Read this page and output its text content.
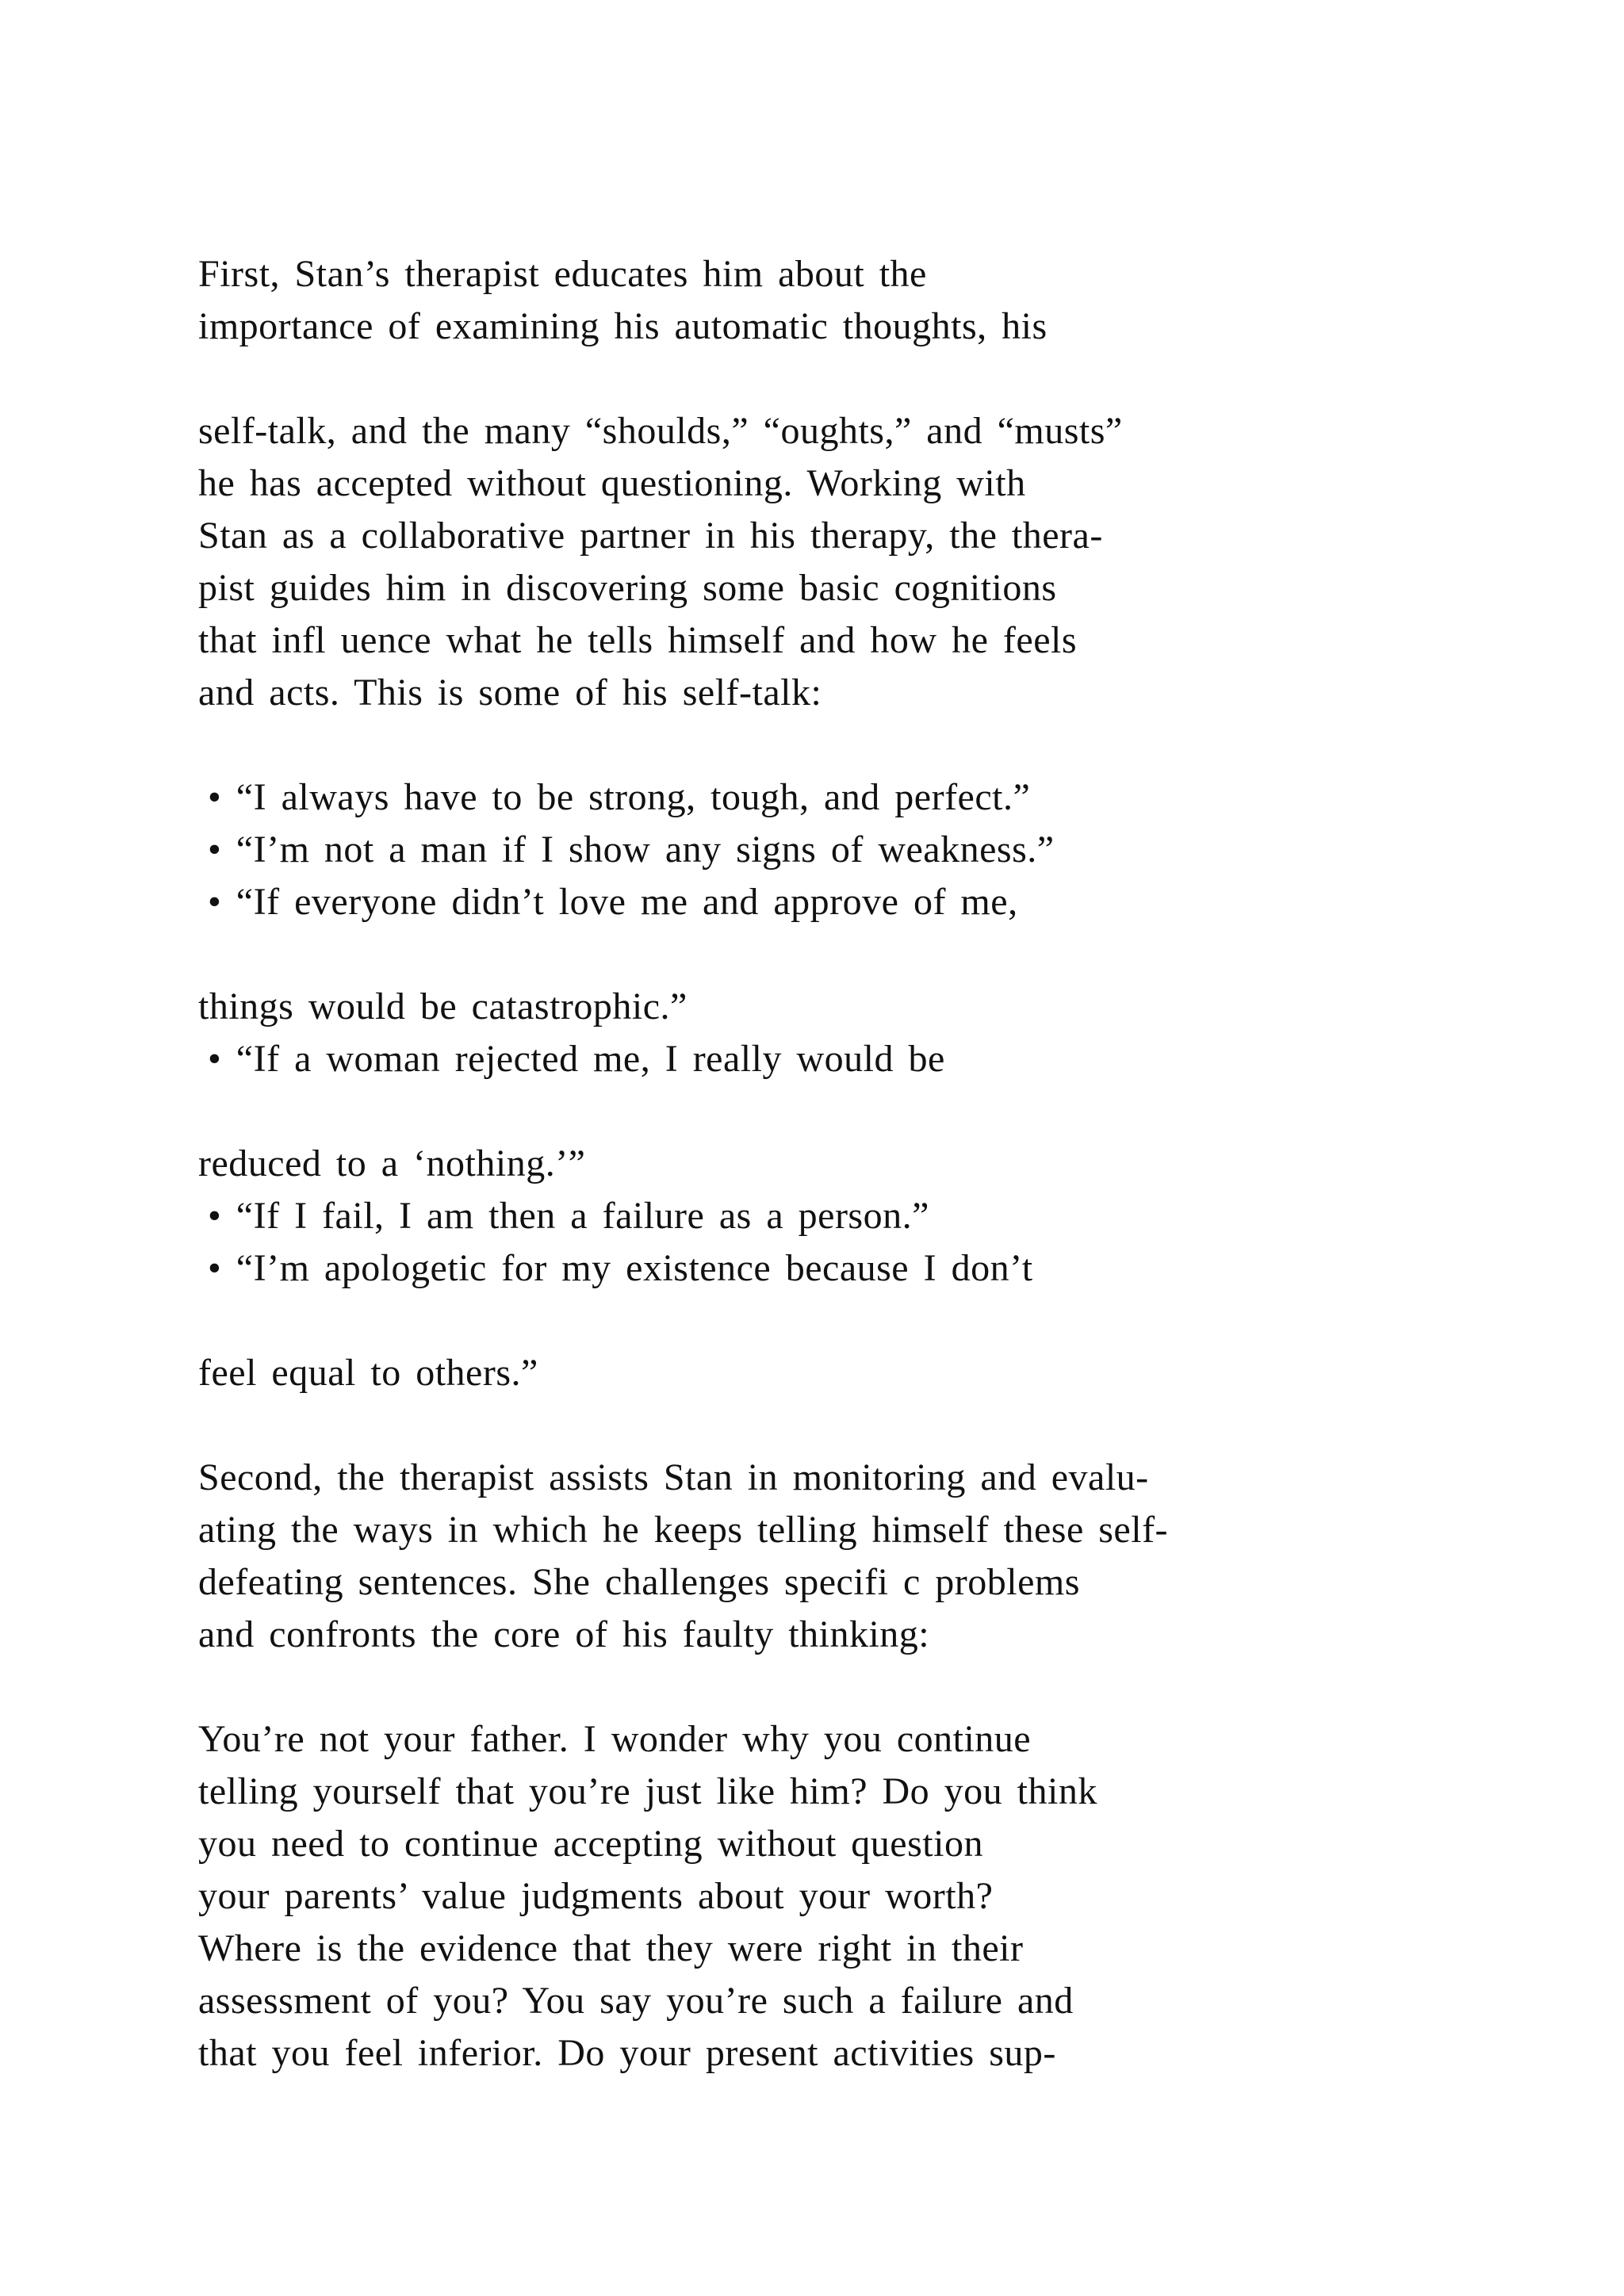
First, Stan’s therapist educates him about the

importance of examining his automatic thoughts, his

self-talk, and the many “shoulds,” “oughts,” and “musts”

he has accepted without questioning. Working with

Stan as a collaborative partner in his therapy, the thera-

pist guides him in discovering some basic cognitions

that infl uence what he tells himself and how he feels

and acts. This is some of his self-talk:

• “I always have to be strong, tough, and perfect.”

• “I’m not a man if I show any signs of weakness.”

• “If everyone didn’t love me and approve of me,

things would be catastrophic.”

• “If a woman rejected me, I really would be

reduced to a ‘nothing.’”

• “If I fail, I am then a failure as a person.”

• “I’m apologetic for my existence because I don’t

feel equal to others.”

Second, the therapist assists Stan in monitoring and evalu-

ating the ways in which he keeps telling himself these self-

defeating sentences. She challenges specifi c problems

and confronts the core of his faulty thinking:

You’re not your father. I wonder why you continue

telling yourself that you’re just like him? Do you think

you need to continue accepting without question

your parents’ value judgments about your worth?

Where is the evidence that they were right in their

assessment of you? You say you’re such a failure and

that you feel inferior. Do your present activities sup-
